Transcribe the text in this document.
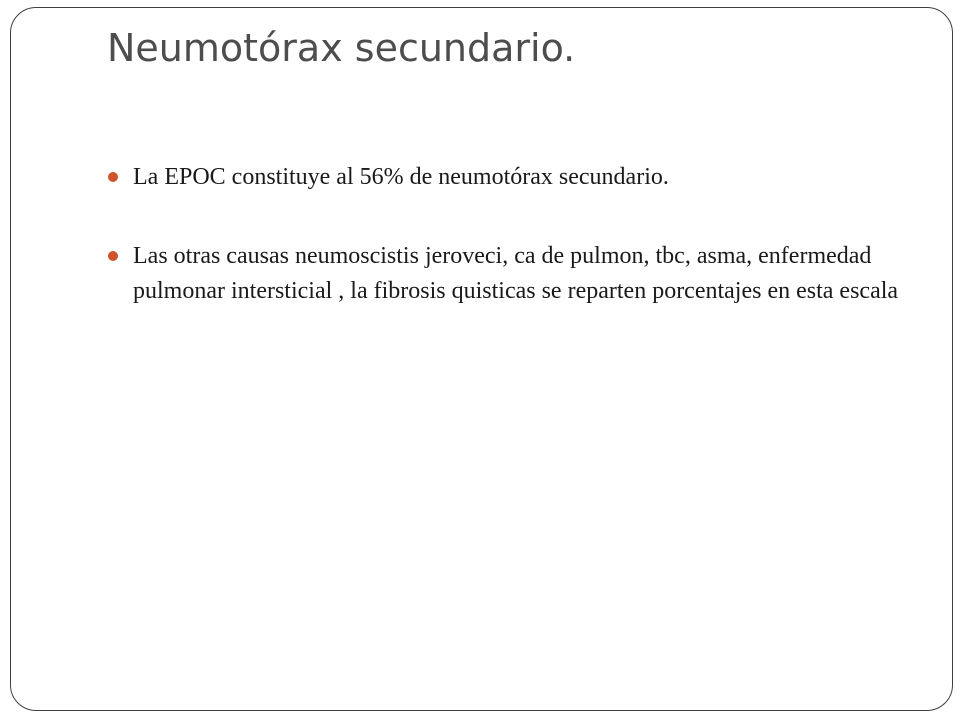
Neumotórax secundario.
La EPOC constituye al 56% de neumotórax secundario.
Las otras causas neumoscistis jeroveci, ca de pulmon, tbc, asma, enfermedad pulmonar intersticial , la fibrosis quisticas se reparten porcentajes en esta escala
